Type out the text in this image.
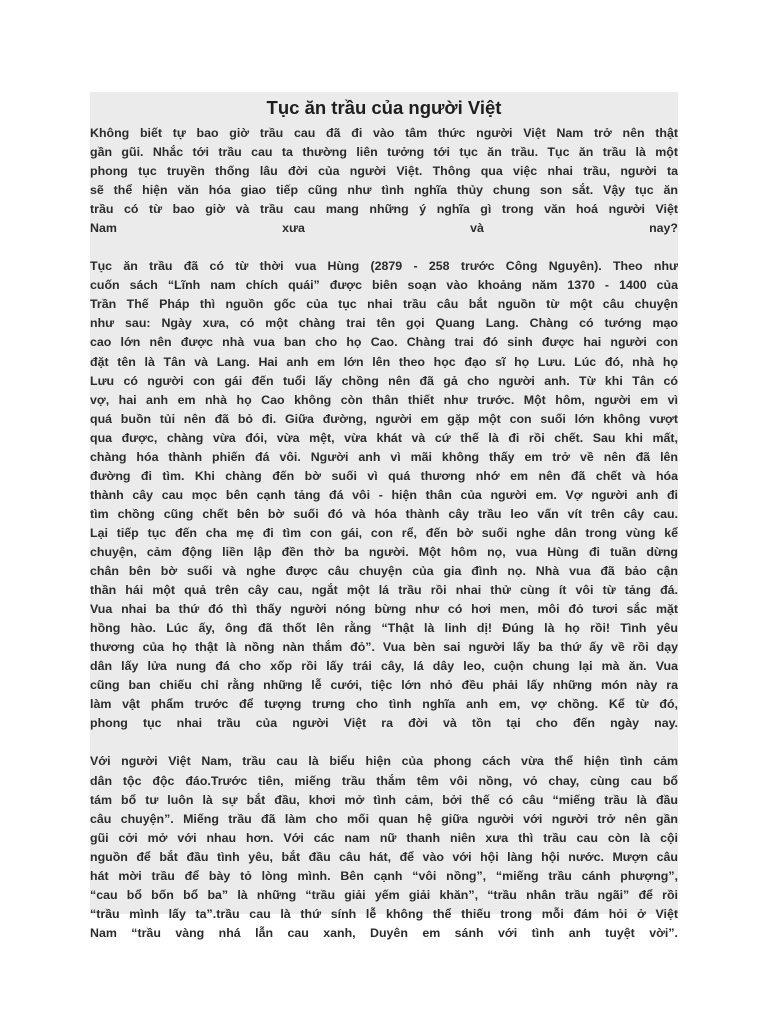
Tục ăn trầu của người Việt
Không biết tự bao giờ trầu cau đã đi vào tâm thức người Việt Nam trở nên thật
gần gũi. Nhắc tới trầu cau ta thường liên tưởng tới tục ăn trầu. Tục ăn trầu là một
phong tục truyền thống lâu đời của người Việt. Thông qua việc nhai trầu, người ta
sẽ thể hiện văn hóa giao tiếp cũng như tình nghĩa thủy chung son sắt. Vậy tục ăn
trầu có từ bao giờ và trầu cau mang những ý nghĩa gì trong văn hoá người Việt
Nam xưa và nay?
Tục ăn trầu đã có từ thời vua Hùng (2879 - 258 trước Công Nguyên). Theo như
cuốn sách “Lĩnh nam chích quái” được biên soạn vào khoảng năm 1370 - 1400 của
Trần Thế Pháp thì nguồn gốc của tục nhai trầu câu bắt nguồn từ một câu chuyện
như sau: Ngày xưa, có một chàng trai tên gọi Quang Lang. Chàng có tướng mạo
cao lớn nên được nhà vua ban cho họ Cao. Chàng trai đó sinh được hai người con
đặt tên là Tân và Lang. Hai anh em lớn lên theo học đạo sĩ họ Lưu. Lúc đó, nhà họ
Lưu có người con gái đến tuổi lấy chồng nên đã gả cho người anh. Từ khi Tân có
vợ, hai anh em nhà họ Cao không còn thân thiết như trước. Một hôm, người em vì
quá buồn tủi nên đã bỏ đi. Giữa đường, người em gặp một con suối lớn không vượt
qua được, chàng vừa đói, vừa mệt, vừa khát và cứ thế là đi rồi chết. Sau khi mất,
chàng hóa thành phiến đá vôi. Người anh vì mãi không thấy em trở về nên đã lên
đường đi tìm. Khi chàng đến bờ suối vì quá thương nhớ em nên đã chết và hóa
thành cây cau mọc bên cạnh tảng đá vôi - hiện thân của người em. Vợ người anh đi
tìm chồng cũng chết bên bờ suối đó và hóa thành cây trầu leo vấn vít trên cây cau.
Lại tiếp tục đến cha mẹ đi tìm con gái, con rể, đến bờ suối nghe dân trong vùng kể
chuyện, cảm động liền lập đền thờ ba người. Một hôm nọ, vua Hùng đi tuần dừng
chân bên bờ suối và nghe được câu chuyện của gia đình nọ. Nhà vua đã bảo cận
thần hái một quả trên cây cau, ngắt một lá trầu rồi nhai thử cùng ít vôi từ tảng đá.
Vua nhai ba thứ đó thì thấy người nóng bừng như có hơi men, môi đỏ tươi sắc mặt
hồng hào. Lúc ấy, ông đã thốt lên rằng “Thật là linh dị! Đúng là họ rồi! Tình yêu
thương của họ thật là nồng nàn thắm đỏ”. Vua bèn sai người lấy ba thứ ấy về rồi dạy
dân lấy lửa nung đá cho xốp rồi lấy trái cây, lá dây leo, cuộn chung lại mà ăn. Vua
cũng ban chiếu chỉ rằng những lễ cưới, tiệc lớn nhỏ đều phải lấy những món này ra
làm vật phẩm trước để tượng trưng cho tình nghĩa anh em, vợ chồng. Kể từ đó,
phong tục nhai trầu của người Việt ra đời và tồn tại cho đến ngày nay.
Với người Việt Nam, trầu cau là biểu hiện của phong cách vừa thể hiện tình cảm
dân tộc độc đáo.Trước tiên, miếng trầu thắm têm vôi nồng, vỏ chay, cùng cau bổ
tám bổ tư luôn là sự bắt đầu, khơi mở tình cảm, bởi thế có câu “miếng trầu là đầu
câu chuyện”. Miếng trầu đã làm cho mối quan hệ giữa người với người trở nên gần
gũi cởi mở với nhau hơn. Với các nam nữ thanh niên xưa thì trầu cau còn là cội
nguồn để bắt đầu tình yêu, bắt đầu câu hát, để vào với hội làng hội nước. Mượn câu
hát mời trầu để bày tỏ lòng mình. Bên cạnh “vôi nồng”, “miếng trầu cánh phượng”,
“cau bổ bốn bổ ba” là những “trầu giải yếm giải khăn”, “trầu nhân trầu ngãi” để rồi
“trầu mình lấy ta”.trầu cau là thứ sính lễ không thể thiếu trong mỗi đám hỏi ở Việt
Nam “trầu vàng nhá lẫn cau xanh, Duyên em sánh với tình anh tuyệt vời”.
